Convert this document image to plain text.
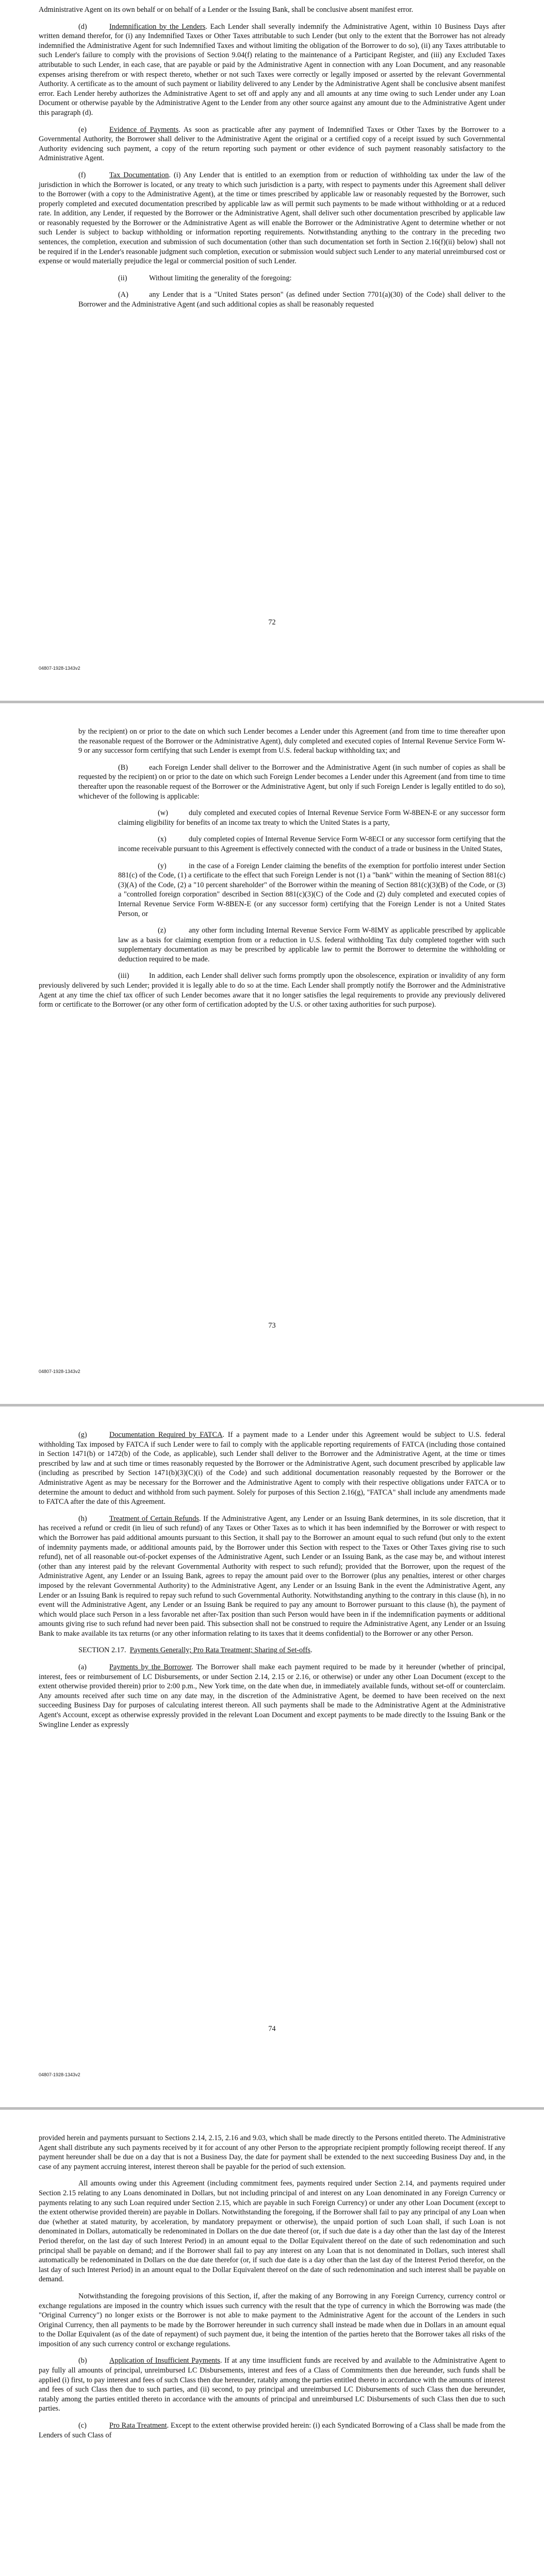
Administrative Agent on its own behalf or on behalf of a Lender or the Issuing Bank, shall be conclusive absent manifest error.

(d)	Indemnification by the Lenders. Each Lender shall severally indemnify the Administrative Agent, within 10 Business Days after written demand therefor, for (i) any Indemnified Taxes or Other Taxes attributable to such Lender (but only to the extent that the Borrower has not already indemnified the Administrative Agent for such Indemnified Taxes and without limiting the obligation of the Borrower to do so), (ii) any Taxes attributable to such Lender's failure to comply with the provisions of Section 9.04(f) relating to the maintenance of a Participant Register, and (iii) any Excluded Taxes attributable to such Lender, in each case, that are payable or paid by the Administrative Agent in connection with any Loan Document, and any reasonable expenses arising therefrom or with respect thereto, whether or not such Taxes were correctly or legally imposed or asserted by the relevant Governmental Authority. A certificate as to the amount of such payment or liability delivered to any Lender by the Administrative Agent shall be conclusive absent manifest error. Each Lender hereby authorizes the Administrative Agent to set off and apply any and all amounts at any time owing to such Lender under any Loan Document or otherwise payable by the Administrative Agent to the Lender from any other source against any amount due to the Administrative Agent under this paragraph (d).

(e)	Evidence of Payments. As soon as practicable after any payment of Indemnified Taxes or Other Taxes by the Borrower to a Governmental Authority, the Borrower shall deliver to the Administrative Agent the original or a certified copy of a receipt issued by such Governmental Authority evidencing such payment, a copy of the return reporting such payment or other evidence of such payment reasonably satisfactory to the Administrative Agent.

(f)	Tax Documentation. (i) Any Lender that is entitled to an exemption from or reduction of withholding tax under the law of the jurisdiction in which the Borrower is located, or any treaty to which such jurisdiction is a party, with respect to payments under this Agreement shall deliver to the Borrower (with a copy to the Administrative Agent), at the time or times prescribed by applicable law or reasonably requested by the Borrower, such properly completed and executed documentation prescribed by applicable law as will permit such payments to be made without withholding or at a reduced rate. In addition, any Lender, if requested by the Borrower or the Administrative Agent, shall deliver such other documentation prescribed by applicable law or reasonably requested by the Borrower or the Administrative Agent as will enable the Borrower or the Administrative Agent to determine whether or not such Lender is subject to backup withholding or information reporting requirements. Notwithstanding anything to the contrary in the preceding two sentences, the completion, execution and submission of such documentation (other than such documentation set forth in Section 2.16(f)(ii) below) shall not be required if in the Lender's reasonable judgment such completion, execution or submission would subject such Lender to any material unreimbursed cost or expense or would materially prejudice the legal or commercial position of such Lender.

(ii)	Without limiting the generality of the foregoing:

(A)	any Lender that is a "United States person" (as defined under Section 7701(a)(30) of the Code) shall deliver to the Borrower and the Administrative Agent (and such additional copies as shall be reasonably requested

72
04807-1928-1343v2

by the recipient) on or prior to the date on which such Lender becomes a Lender under this Agreement (and from time to time thereafter upon the reasonable request of the Borrower or the Administrative Agent), duly completed and executed copies of Internal Revenue Service Form W-9 or any successor form certifying that such Lender is exempt from U.S. federal backup withholding tax; and

(B)	each Foreign Lender shall deliver to the Borrower and the Administrative Agent (in such number of copies as shall be requested by the recipient) on or prior to the date on which such Foreign Lender becomes a Lender under this Agreement (and from time to time thereafter upon the reasonable request of the Borrower or the Administrative Agent, but only if such Foreign Lender is legally entitled to do so), whichever of the following is applicable:

(w)	duly completed and executed copies of Internal Revenue Service Form W-8BEN-E or any successor form claiming eligibility for benefits of an income tax treaty to which the United States is a party,

(x)	duly completed copies of Internal Revenue Service Form W-8ECI or any successor form certifying that the income receivable pursuant to this Agreement is effectively connected with the conduct of a trade or business in the United States,

(y)	in the case of a Foreign Lender claiming the benefits of the exemption for portfolio interest under Section 881(c) of the Code, (1) a certificate to the effect that such Foreign Lender is not (1) a "bank" within the meaning of Section 881(c)(3)(A) of the Code, (2) a "10 percent shareholder" of the Borrower within the meaning of Section 881(c)(3)(B) of the Code, or (3) a "controlled foreign corporation" described in Section 881(c)(3)(C) of the Code and (2) duly completed and executed copies of Internal Revenue Service Form W-8BEN-E (or any successor form) certifying that the Foreign Lender is not a United States Person, or

(z)	any other form including Internal Revenue Service Form W-8IMY as applicable prescribed by applicable law as a basis for claiming exemption from or a reduction in U.S. federal withholding Tax duly completed together with such supplementary documentation as may be prescribed by applicable law to permit the Borrower to determine the withholding or deduction required to be made.

(iii)	In addition, each Lender shall deliver such forms promptly upon the obsolescence, expiration or invalidity of any form previously delivered by such Lender; provided it is legally able to do so at the time. Each Lender shall promptly notify the Borrower and the Administrative Agent at any time the chief tax officer of such Lender becomes aware that it no longer satisfies the legal requirements to provide any previously delivered form or certificate to the Borrower (or any other form of certification adopted by the U.S. or other taxing authorities for such purpose).

73
04807-1928-1343v2

(g)	Documentation Required by FATCA. If a payment made to a Lender under this Agreement would be subject to U.S. federal withholding Tax imposed by FATCA if such Lender were to fail to comply with the applicable reporting requirements of FATCA (including those contained in Section 1471(b) or 1472(b) of the Code, as applicable), such Lender shall deliver to the Borrower and the Administrative Agent, at the time or times prescribed by law and at such time or times reasonably requested by the Borrower or the Administrative Agent, such document prescribed by applicable law (including as prescribed by Section 1471(b)(3)(C)(i) of the Code) and such additional documentation reasonably requested by the Borrower or the Administrative Agent as may be necessary for the Borrower and the Administrative Agent to comply with their respective obligations under FATCA or to determine the amount to deduct and withhold from such payment. Solely for purposes of this Section 2.16(g), "FATCA" shall include any amendments made to FATCA after the date of this Agreement.

(h)	Treatment of Certain Refunds. If the Administrative Agent, any Lender or an Issuing Bank determines, in its sole discretion, that it has received a refund or credit (in lieu of such refund) of any Taxes or Other Taxes as to which it has been indemnified by the Borrower or with respect to which the Borrower has paid additional amounts pursuant to this Section, it shall pay to the Borrower an amount equal to such refund (but only to the extent of indemnity payments made, or additional amounts paid, by the Borrower under this Section with respect to the Taxes or Other Taxes giving rise to such refund), net of all reasonable out-of-pocket expenses of the Administrative Agent, such Lender or an Issuing Bank, as the case may be, and without interest (other than any interest paid by the relevant Governmental Authority with respect to such refund); provided that the Borrower, upon the request of the Administrative Agent, any Lender or an Issuing Bank, agrees to repay the amount paid over to the Borrower (plus any penalties, interest or other charges imposed by the relevant Governmental Authority) to the Administrative Agent, any Lender or an Issuing Bank in the event the Administrative Agent, any Lender or an Issuing Bank is required to repay such refund to such Governmental Authority. Notwithstanding anything to the contrary in this clause (h), in no event will the Administrative Agent, any Lender or an Issuing Bank be required to pay any amount to Borrower pursuant to this clause (h), the payment of which would place such Person in a less favorable net after-Tax position than such Person would have been in if the indemnification payments or additional amounts giving rise to such refund had never been paid. This subsection shall not be construed to require the Administrative Agent, any Lender or an Issuing Bank to make available its tax returns (or any other information relating to its taxes that it deems confidential) to the Borrower or any other Person.

SECTION 2.17. Payments Generally; Pro Rata Treatment; Sharing of Set-offs.

(a)	Payments by the Borrower. The Borrower shall make each payment required to be made by it hereunder (whether of principal, interest, fees or reimbursement of LC Disbursements, or under Section 2.14, 2.15 or 2.16, or otherwise) or under any other Loan Document (except to the extent otherwise provided therein) prior to 2:00 p.m., New York time, on the date when due, in immediately available funds, without set-off or counterclaim. Any amounts received after such time on any date may, in the discretion of the Administrative Agent, be deemed to have been received on the next succeeding Business Day for purposes of calculating interest thereon. All such payments shall be made to the Administrative Agent at the Administrative Agent's Account, except as otherwise expressly provided in the relevant Loan Document and except payments to be made directly to the Issuing Bank or the Swingline Lender as expressly

74
04807-1928-1343v2

provided herein and payments pursuant to Sections 2.14, 2.15, 2.16 and 9.03, which shall be made directly to the Persons entitled thereto. The Administrative Agent shall distribute any such payments received by it for account of any other Person to the appropriate recipient promptly following receipt thereof. If any payment hereunder shall be due on a day that is not a Business Day, the date for payment shall be extended to the next succeeding Business Day and, in the case of any payment accruing interest, interest thereon shall be payable for the period of such extension.

All amounts owing under this Agreement (including commitment fees, payments required under Section 2.14, and payments required under Section 2.15 relating to any Loans denominated in Dollars, but not including principal of and interest on any Loan denominated in any Foreign Currency or payments relating to any such Loan required under Section 2.15, which are payable in such Foreign Currency) or under any other Loan Document (except to the extent otherwise provided therein) are payable in Dollars. Notwithstanding the foregoing, if the Borrower shall fail to pay any principal of any Loan when due (whether at stated maturity, by acceleration, by mandatory prepayment or otherwise), the unpaid portion of such Loan shall, if such Loan is not denominated in Dollars, automatically be redenominated in Dollars on the due date thereof (or, if such due date is a day other than the last day of the Interest Period therefor, on the last day of such Interest Period) in an amount equal to the Dollar Equivalent thereof on the date of such redenomination and such principal shall be payable on demand; and if the Borrower shall fail to pay any interest on any Loan that is not denominated in Dollars, such interest shall automatically be redenominated in Dollars on the due date therefor (or, if such due date is a day other than the last day of the Interest Period therefor, on the last day of such Interest Period) in an amount equal to the Dollar Equivalent thereof on the date of such redenomination and such interest shall be payable on demand.

Notwithstanding the foregoing provisions of this Section, if, after the making of any Borrowing in any Foreign Currency, currency control or exchange regulations are imposed in the country which issues such currency with the result that the type of currency in which the Borrowing was made (the "Original Currency") no longer exists or the Borrower is not able to make payment to the Administrative Agent for the account of the Lenders in such Original Currency, then all payments to be made by the Borrower hereunder in such currency shall instead be made when due in Dollars in an amount equal to the Dollar Equivalent (as of the date of repayment) of such payment due, it being the intention of the parties hereto that the Borrower takes all risks of the imposition of any such currency control or exchange regulations.

(b)	Application of Insufficient Payments. If at any time insufficient funds are received by and available to the Administrative Agent to pay fully all amounts of principal, unreimbursed LC Disbursements, interest and fees of a Class of Commitments then due hereunder, such funds shall be applied (i) first, to pay interest and fees of such Class then due hereunder, ratably among the parties entitled thereto in accordance with the amounts of interest and fees of such Class then due to such parties, and (ii) second, to pay principal and unreimbursed LC Disbursements of such Class then due hereunder, ratably among the parties entitled thereto in accordance with the amounts of principal and unreimbursed LC Disbursements of such Class then due to such parties.

(c)	Pro Rata Treatment. Except to the extent otherwise provided herein: (i) each Syndicated Borrowing of a Class shall be made from the Lenders of such Class of
